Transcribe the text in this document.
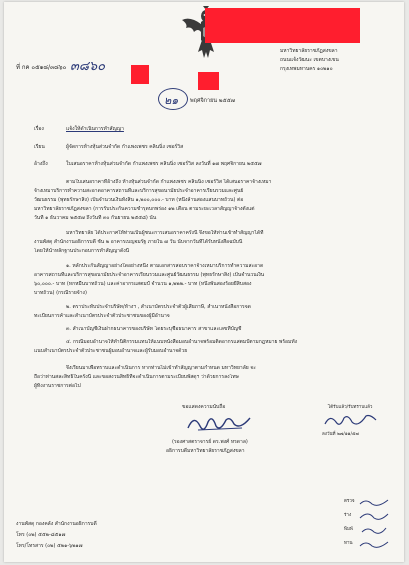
ที่ กค ๐๕๑๘/๓๘๖๐ ๓๘๖๐
มหาวิทยาลัยราชภัฏสงขลา
ถนนแจ้งวัฒนะ เขตบางเขน
กรุงเทพมหานคร ๑๐๒๑๐
๒๑ พฤศจิกายน ๒๕๕๗
เรื่อง	แจ้งให้ดำเนินการทำสัญญา
เรียน	ผู้จัดการห้างหุ้นส่วนจำกัด กำแพงเพชร คลินนิ่ง เซอร์วิส
อ้างถึง	ใบเสนอราคาห้างหุ้นส่วนจำกัด กำแพงเพชร คลินนิ่ง เซอร์วิส ลงวันที่ ๑๗ พฤศจิกายน ๒๕๕๗
ตามใบเสนอราคาที่อ้างถึง ห้างหุ้นส่วนจำกัด กำแพงเพชร คลินนิ่ง เซอร์วิส ได้เสนอราคาจ้างเหมา
จ้างเหมาบริการทำความสะอาดอาคารสถานที่และบริการสุขอนามัยประจำอาคารเรียนรวมและศูนย์
วัฒนธรรม (พุทธรักษาสิ่ง) เป็นจำนวนเงินทั้งสิ้น ๑,๒๐๐,๐๐๐.- บาท (หนึ่งล้านสองแสนบาทถ้วน) ต่อ
มหาวิทยาลัยราชภัฏสงขลา (การรับประกันความชำรุดบกพร่อง ๑๒ เดือน ตามระยะเวลาสัญญาจ้างตั้งแต่
วันที่ ๑ ธันวาคม ๒๕๕๗ ถึงวันที่ ๓๐ กันยายน ๒๕๕๘) นั้น
มหาวิทยาลัย ได้ประกาศให้ท่านเป็นผู้ชนะการเสนอราคาครั้งนี้ จึงขอให้ท่านเข้าทำสัญญาได้ที่
งานพัสดุ สำนักงานอธิการบดี ชั้น ๒ อาคารเบญจมรัฐ ภายใน ๗ วัน นับจากวันที่ได้รับหนังสือฉบับนี้
โดยให้นำหลักฐานประกอบการทำสัญญาดังนี้
๑. หลักประกันสัญญาอย่างใดอย่างหนึ่ง ตามเอกสารสอบราคาจ้างเหมาบริการทำความสะอาด
อาคารสถานที่และบริการสุขอนามัยประจำอาคารเรียนรวมและศูนย์วัฒนธรรม (พุทธรักษาสิ่ง) เป็นจำนวนเงิน
๖๐,๐๐๐.- บาท (หกหมื่นบาทถ้วน) และค่าอากรแสตมป์ จำนวน ๑,๒๒๒.- บาท (หนึ่งพันสองร้อยยี่สิบสอง
บาทถ้วน) (กรณีรายจ้าง)
๒. ตราประทับประจำบริษัท/ห้างฯ , สำเนาบัตรประจำตัวผู้เสียภาษี, สำเนาหนังสือการจด
ทะเบียนการค้าและสำเนาบัตรประจำตัวประชาชนของผู้มีอำนาจ
๓. สำเนาบัญชีเงินฝากธนาคารของบริษัท โดยระบุชื่อธนาคาร สาขาและเลขที่บัญชี
๔. กรณีมอบอำนาจให้ทำนิติกรรมแทนให้แนบหนังสือมอบอำนาจพร้อมติดอากรแสตมป์ตามกฎหมาย พร้อมทั้ง
แนบสำเนาบัตรประจำตัวประชาชนผู้มอบอำนาจและผู้รับมอบอำนาจด้วย
จึงเรียนมาเพื่อทราบและดำเนินการ หากท่านไม่เข้าทำสัญญาตามกำหนด มหาวิทยาลัย จะ
ถือว่าท่านสละสิทธิ์ในครั้งนี้ และขอสงวนสิทธิ์ที่จะดำเนินการตามระเบียบพัสดุฯ ว่าด้วยการลงโทษ
ผู้ทิ้งงานราชการต่อไป
ขอแสดงความนับถือ
(รองศาสตราจารย์ ดร.พงศ์ หรดาล)
อธิการบดีมหาวิทยาลัยราชภัฏสงขลา
ได้รับแล้ว/รับทราบแล้ว
ลงวันที่ ๒๗/๑๑/๕๗
งานพัสดุ กองคลัง สำนักงานอธิการบดี
โทร (๐๒) ๕๕๒-๘๕๑๗
โทร/โทรสาร (๐๒) ๕๒๑-๖๒๑๗
ตรวจ
ร่าง
พิมพ์
ทาน
